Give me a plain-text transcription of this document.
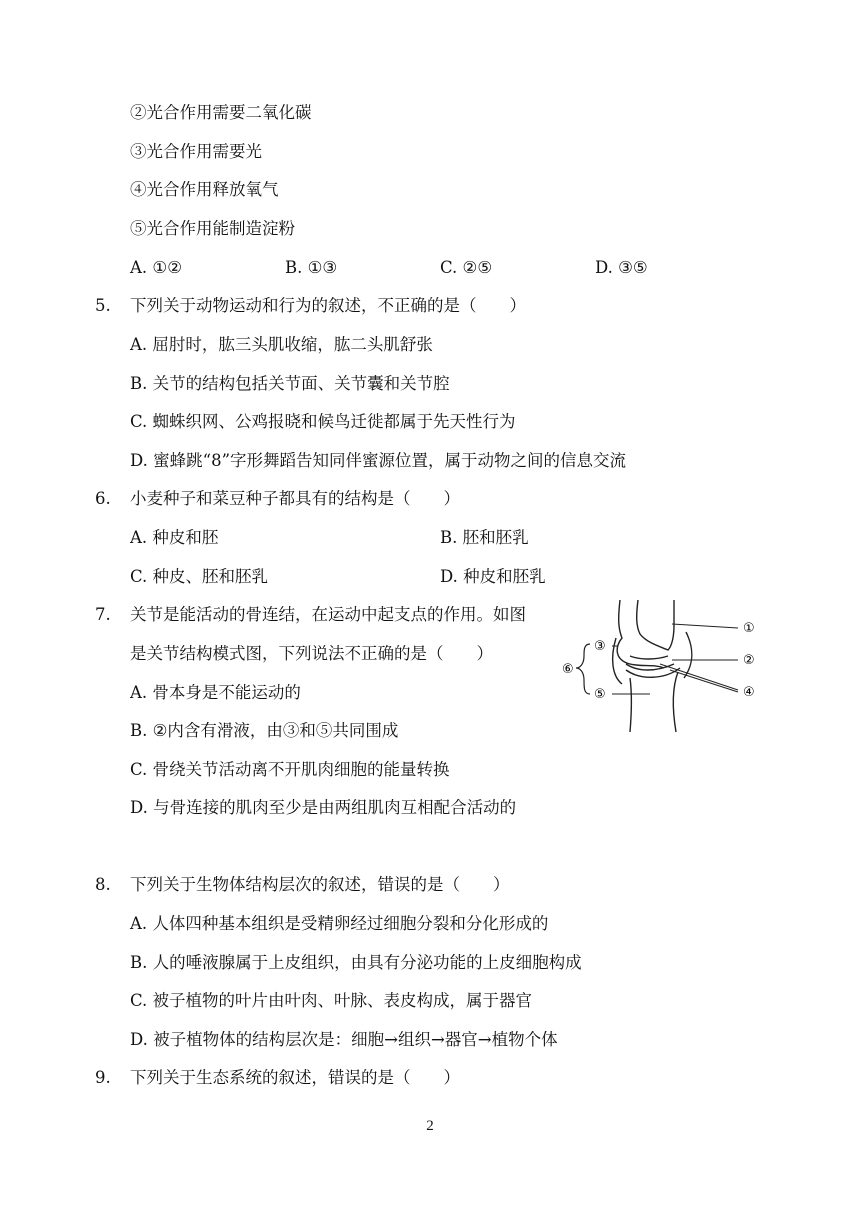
②光合作用需要二氧化碳
③光合作用需要光
④光合作用释放氧气
⑤光合作用能制造淀粉
A. ①②	B. ①③	C. ②⑤	D. ③⑤
5. 下列关于动物运动和行为的叙述，不正确的是（　　）
A. 屈肘时，肱三头肌收缩，肱二头肌舒张
B. 关节的结构包括关节面、关节囊和关节腔
C. 蜘蛛织网、公鸡报晓和候鸟迁徙都属于先天性行为
D. 蜜蜂跳“8”字形舞蹈告知同伴蜜源位置，属于动物之间的信息交流
6. 小麦种子和菜豆种子都具有的结构是（　　）
A. 种皮和胚	B. 胚和胚乳
C. 种皮、胚和胚乳	D. 种皮和胚乳
7. 关节是能活动的骨连结，在运动中起支点的作用。如图
是关节结构模式图，下列说法不正确的是（　　）
A. 骨本身是不能运动的
B. ②内含有滑液，由③和⑤共同围成
C. 骨绕关节活动离不开肌肉细胞的能量转换
D. 与骨连接的肌肉至少是由两组肌肉互相配合活动的
①
②
③
④
⑤
⑥
8. 下列关于生物体结构层次的叙述，错误的是（　　）
A. 人体四种基本组织是受精卵经过细胞分裂和分化形成的
B. 人的唾液腺属于上皮组织，由具有分泌功能的上皮细胞构成
C. 被子植物的叶片由叶肉、叶脉、表皮构成，属于器官
D. 被子植物体的结构层次是：细胞→组织→器官→植物个体
9. 下列关于生态系统的叙述，错误的是（　　）
2
